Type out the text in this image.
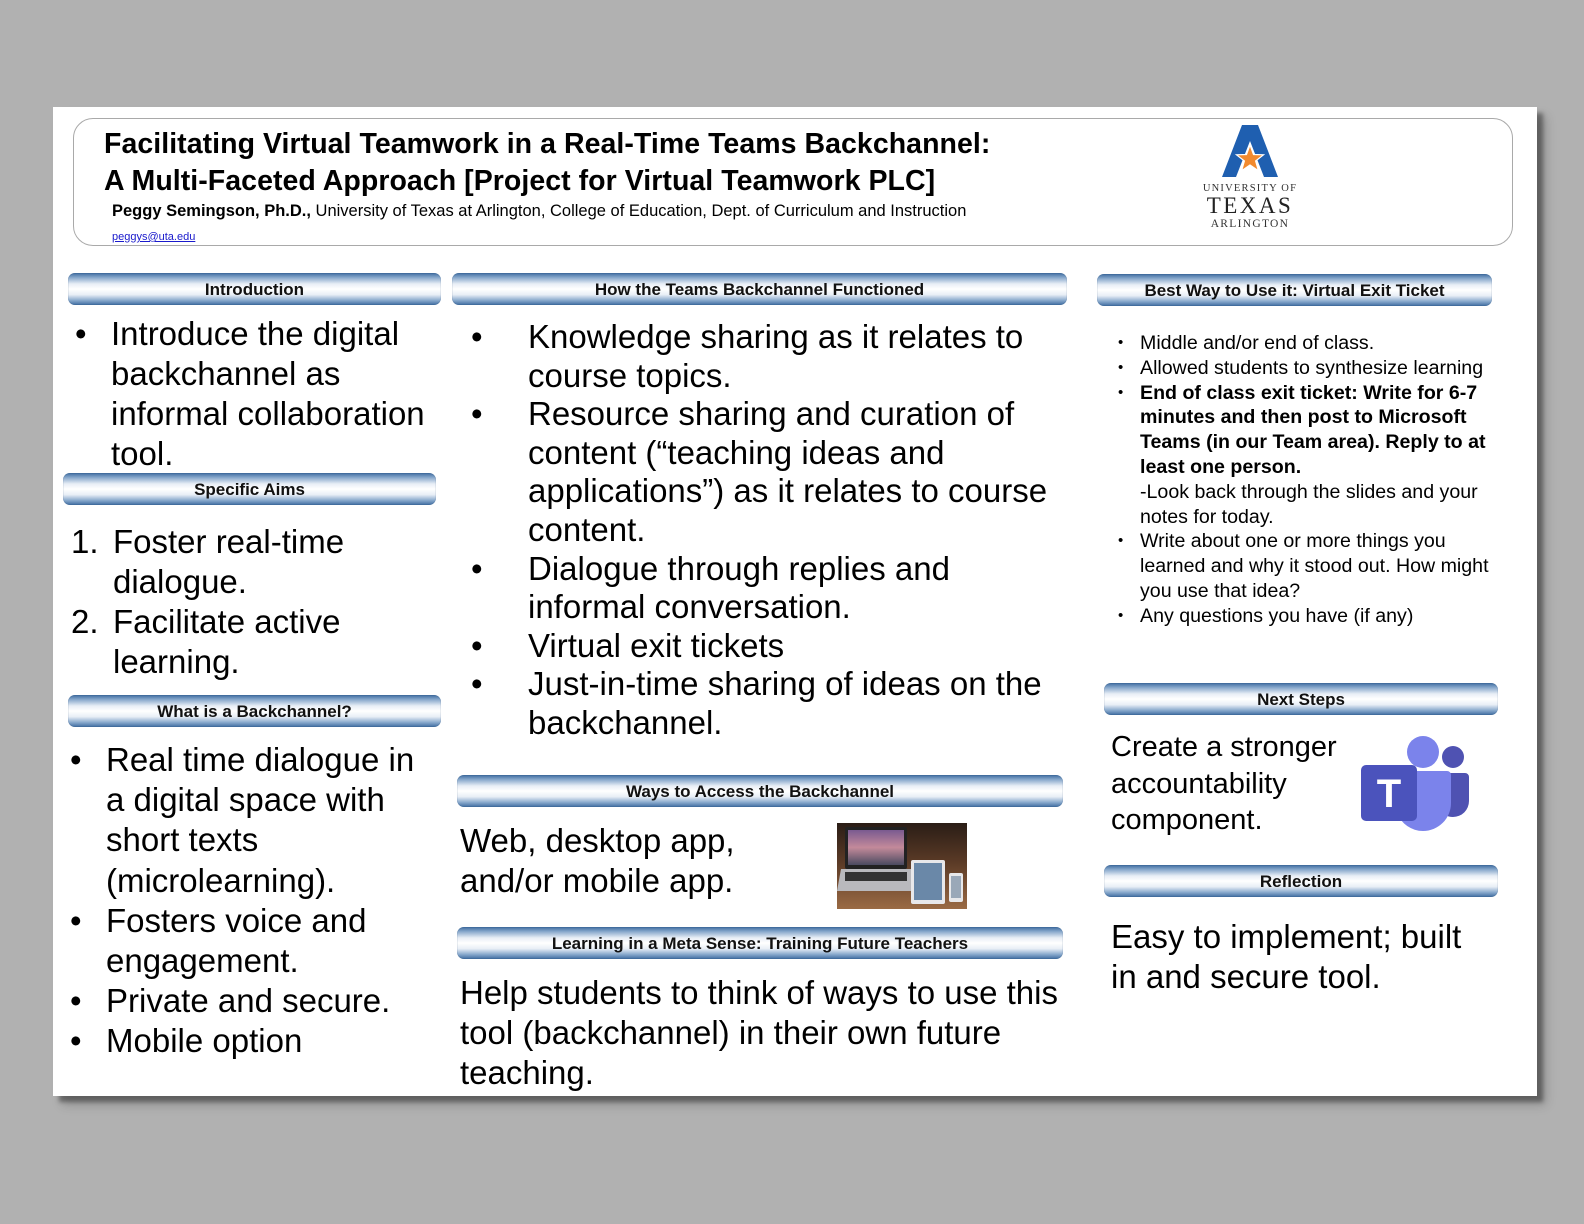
Facilitating Virtual Teamwork in a Real-Time Teams Backchannel:
A Multi-Faceted Approach [Project for Virtual Teamwork PLC]
Peggy Semingson, Ph.D., University of Texas at Arlington, College of Education, Dept. of Curriculum and Instruction
peggys@uta.edu
UNIVERSITY OF
TEXAS
ARLINGTON
Introduction
• Introduce the digital backchannel as informal collaboration tool.
Specific Aims
1. Foster real-time dialogue.
2. Facilitate active learning.
What is a Backchannel?
• Real time dialogue in a digital space with short texts (microlearning).
• Fosters voice and engagement.
• Private and secure.
• Mobile option
How the Teams Backchannel Functioned
• Knowledge sharing as it relates to course topics.
• Resource sharing and curation of content (“teaching ideas and applications”) as it relates to course content.
• Dialogue through replies and informal conversation.
• Virtual exit tickets
• Just-in-time sharing of ideas on the backchannel.
Ways to Access the Backchannel
Web, desktop app, and/or mobile app.
Learning in a Meta Sense: Training Future Teachers
Help students to think of ways to use this tool (backchannel) in their own future teaching.
Best Way to Use it: Virtual Exit Ticket
• Middle and/or end of class.
• Allowed students to synthesize learning
• End of class exit ticket: Write for 6-7 minutes and then post to Microsoft Teams (in our Team area). Reply to at least one person.
-Look back through the slides and your notes for today.
• Write about one or more things you learned and why it stood out. How might you use that idea?
• Any questions you have (if any)
Next Steps
Create a stronger accountability component.
T
Reflection
Easy to implement; built in and secure tool.
